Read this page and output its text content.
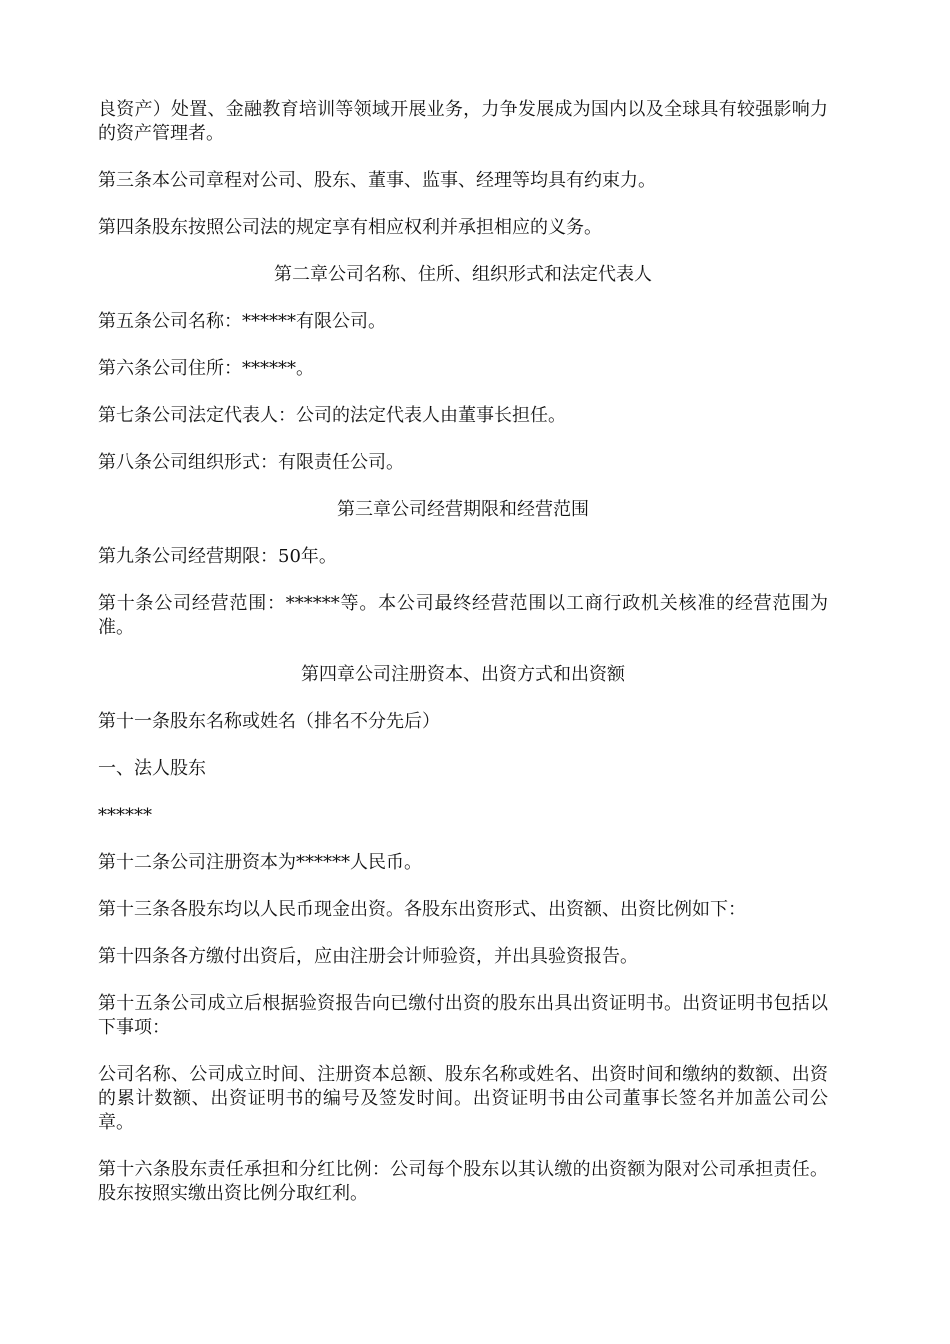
良资产）处置、金融教育培训等领域开展业务，力争发展成为国内以及全球具有较强影响力的资产管理者。

第三条本公司章程对公司、股东、董事、监事、经理等均具有约束力。

第四条股东按照公司法的规定享有相应权利并承担相应的义务。

第二章公司名称、住所、组织形式和法定代表人

第五条公司名称：******有限公司。

第六条公司住所：******。

第七条公司法定代表人：公司的法定代表人由董事长担任。

第八条公司组织形式：有限责任公司。

第三章公司经营期限和经营范围

第九条公司经营期限：50年。

第十条公司经营范围：******等。本公司最终经营范围以工商行政机关核准的经营范围为准。

第四章公司注册资本、出资方式和出资额

第十一条股东名称或姓名（排名不分先后）

一、法人股东

******

第十二条公司注册资本为******人民币。

第十三条各股东均以人民币现金出资。各股东出资形式、出资额、出资比例如下：

第十四条各方缴付出资后，应由注册会计师验资，并出具验资报告。

第十五条公司成立后根据验资报告向已缴付出资的股东出具出资证明书。出资证明书包括以下事项：

公司名称、公司成立时间、注册资本总额、股东名称或姓名、出资时间和缴纳的数额、出资的累计数额、出资证明书的编号及签发时间。出资证明书由公司董事长签名并加盖公司公章。

第十六条股东责任承担和分红比例：公司每个股东以其认缴的出资额为限对公司承担责任。股东按照实缴出资比例分取红利。
